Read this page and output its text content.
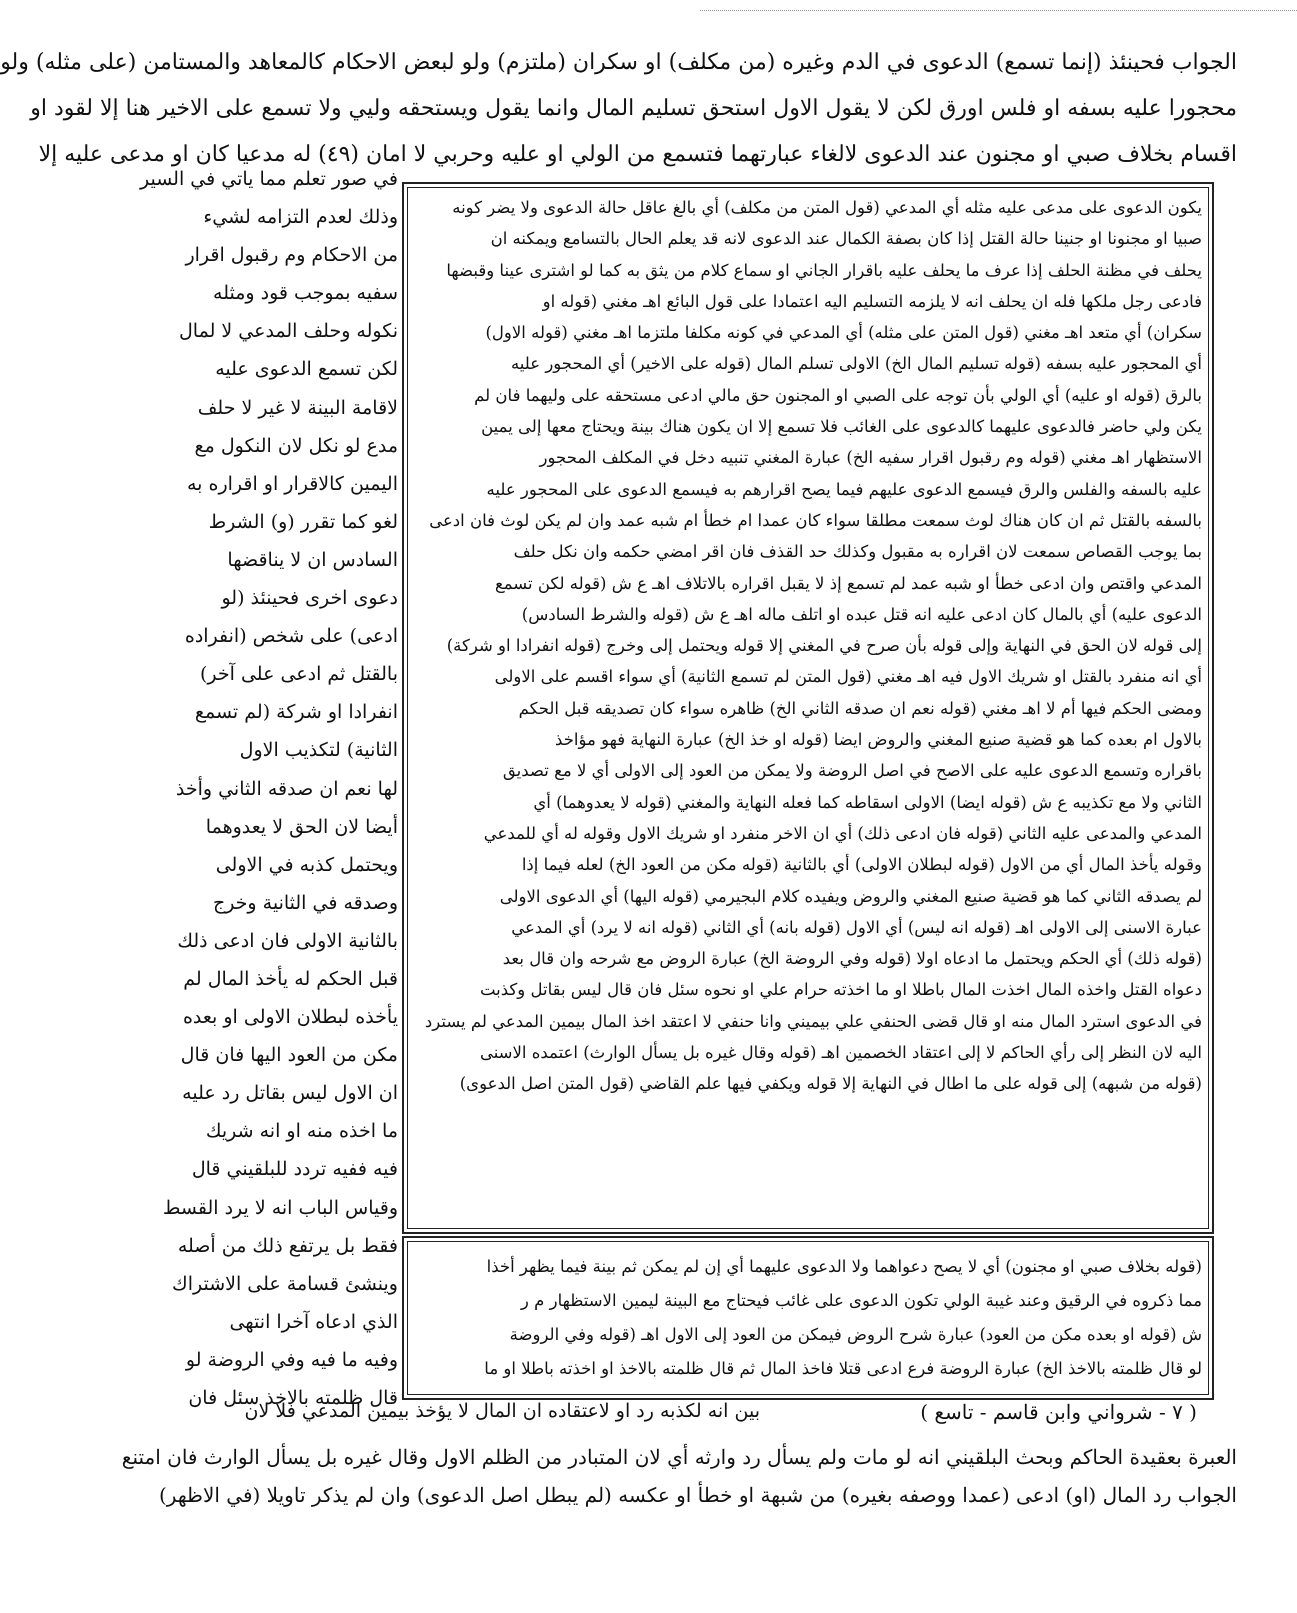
الجواب فحينئذ (إنما تسمع) الدعوى في الدم وغيره (من مكلف) او سكران (ملتزم) ولو لبعض الاحكام كالمعاهد والمستامن (على مثله) ولو
محجورا عليه بسفه او فلس اورق لكن لا يقول الاول استحق تسليم المال وانما يقول ويستحقه وليي ولا تسمع على الاخير هنا إلا لقود او
اقسام بخلاف صبي او مجنون عند الدعوى لالغاء عبارتهما فتسمع من الولي او عليه وحربي لا امان (٤٩) له مدعيا كان او مدعى عليه إلا
في صور تعلم مما ياتي في السير
وذلك لعدم التزامه لشيء
من الاحكام وم رقبول اقرار
سفيه بموجب قود ومثله
نكوله وحلف المدعي لا لمال
لكن تسمع الدعوى عليه
لاقامة البينة لا غير لا حلف
مدع لو نكل لان النكول مع
اليمين كالاقرار او اقراره به
لغو كما تقرر (و) الشرط
السادس ان لا يناقضها
دعوى اخرى فحينئذ (لو
ادعى) على شخص (انفراده
بالقتل ثم ادعى على آخر)
انفرادا او شركة (لم تسمع
الثانية) لتكذيب الاول
لها نعم ان صدقه الثاني وأخذ
أيضا لان الحق لا يعدوهما
ويحتمل كذبه في الاولى
وصدقه في الثانية وخرج
بالثانية الاولى فان ادعى ذلك
قبل الحكم له يأخذ المال لم
يأخذه لبطلان الاولى او بعده
مكن من العود اليها فان قال
ان الاول ليس بقاتل رد عليه
ما اخذه منه او انه شريك
فيه ففيه تردد للبلقيني قال
وقياس الباب انه لا يرد القسط
فقط بل يرتفع ذلك من أصله
وينشئ قسامة على الاشتراك
الذي ادعاه آخرا انتهى
وفيه ما فيه وفي الروضة لو
قال ظلمته بالاخذ سئل فان
يكون الدعوى على مدعى عليه مثله أي المدعي (قول المتن من مكلف) أي بالغ عاقل حالة الدعوى ولا يضر كونه
صبيا او مجنونا او جنينا حالة القتل إذا كان بصفة الكمال عند الدعوى لانه قد يعلم الحال بالتسامع ويمكنه ان
يحلف في مظنة الحلف إذا عرف ما يحلف عليه باقرار الجاني او سماع كلام من يثق به كما لو اشترى عينا وقبضها
فادعى رجل ملكها فله ان يحلف انه لا يلزمه التسليم اليه اعتمادا على قول البائع اهـ مغني (قوله او
سكران) أي متعد اهـ مغني (قول المتن على مثله) أي المدعي في كونه مكلفا ملتزما اهـ مغني (قوله الاول)
أي المحجور عليه بسفه (قوله تسليم المال الخ) الاولى تسلم المال (قوله على الاخير) أي المحجور عليه
بالرق (قوله او عليه) أي الولي بأن توجه على الصبي او المجنون حق مالي ادعى مستحقه على وليهما فان لم
يكن ولي حاضر فالدعوى عليهما كالدعوى على الغائب فلا تسمع إلا ان يكون هناك بينة ويحتاج معها إلى يمين
الاستظهار اهـ مغني (قوله وم رقبول اقرار سفيه الخ) عبارة المغني تنبيه دخل في المكلف المحجور
عليه بالسفه والفلس والرق فيسمع الدعوى عليهم فيما يصح اقرارهم به فيسمع الدعوى على المحجور عليه
بالسفه بالقتل ثم ان كان هناك لوث سمعت مطلقا سواء كان عمدا ام خطأ ام شبه عمد وان لم يكن لوث فان ادعى
بما يوجب القصاص سمعت لان اقراره به مقبول وكذلك حد القذف فان اقر امضي حكمه وان نكل حلف
المدعي واقتص وان ادعى خطأ او شبه عمد لم تسمع إذ لا يقبل اقراره بالاتلاف اهـ ع ش (قوله لكن تسمع
الدعوى عليه) أي بالمال كان ادعى عليه انه قتل عبده او اتلف ماله اهـ ع ش (قوله والشرط السادس)
إلى قوله لان الحق في النهاية وإلى قوله بأن صرح في المغني إلا قوله ويحتمل إلى وخرج (قوله انفرادا او شركة)
أي انه منفرد بالقتل او شريك الاول فيه اهـ مغني (قول المتن لم تسمع الثانية) أي سواء اقسم على الاولى
ومضى الحكم فيها أم لا اهـ مغني (قوله نعم ان صدقه الثاني الخ) ظاهره سواء كان تصديقه قبل الحكم
بالاول ام بعده كما هو قضية صنيع المغني والروض ايضا (قوله او خذ الخ) عبارة النهاية فهو مؤاخذ
باقراره وتسمع الدعوى عليه على الاصح في اصل الروضة ولا يمكن من العود إلى الاولى أي لا مع تصديق
الثاني ولا مع تكذيبه ع ش (قوله ايضا) الاولى اسقاطه كما فعله النهاية والمغني (قوله لا يعدوهما) أي
المدعي والمدعى عليه الثاني (قوله فان ادعى ذلك) أي ان الاخر منفرد او شريك الاول وقوله له أي للمدعي
وقوله يأخذ المال أي من الاول (قوله لبطلان الاولى) أي بالثانية (قوله مكن من العود الخ) لعله فيما إذا
لم يصدقه الثاني كما هو قضية صنيع المغني والروض ويفيده كلام البجيرمي (قوله اليها) أي الدعوى الاولى
عبارة الاسنى إلى الاولى اهـ (قوله انه ليس) أي الاول (قوله بانه) أي الثاني (قوله انه لا يرد) أي المدعي
(قوله ذلك) أي الحكم ويحتمل ما ادعاه اولا (قوله وفي الروضة الخ) عبارة الروض مع شرحه وان قال بعد
دعواه القتل واخذه المال اخذت المال باطلا او ما اخذته حرام علي او نحوه سئل فان قال ليس بقاتل وكذبت
في الدعوى استرد المال منه او قال قضى الحنفي علي بيميني وانا حنفي لا اعتقد اخذ المال بيمين المدعي لم يسترد
اليه لان النظر إلى رأي الحاكم لا إلى اعتقاد الخصمين اهـ (قوله وقال غيره بل يسأل الوارث) اعتمده الاسنى
(قوله من شبهه) إلى قوله على ما اطال في النهاية إلا قوله ويكفي فيها علم القاضي (قول المتن اصل الدعوى)
(قوله بخلاف صبي او مجنون) أي لا يصح دعواهما ولا الدعوى عليهما أي إن لم يمكن ثم بينة فيما يظهر أخذا
مما ذكروه في الرقيق وعند غيبة الولي تكون الدعوى على غائب فيحتاج مع البينة ليمين الاستظهار م ر
ش (قوله او بعده مكن من العود) عبارة شرح الروض فيمكن من العود إلى الاول اهـ (قوله وفي الروضة
لو قال ظلمته بالاخذ الخ) عبارة الروضة فرع ادعى قتلا فاخذ المال ثم قال ظلمته بالاخذ او اخذته باطلا او ما
( ٧ - شرواني وابن قاسم - تاسع )
بين انه لكذبه رد او لاعتقاده ان المال لا يؤخذ بيمين المدعي فلا لان
العبرة بعقيدة الحاكم وبحث البلقيني انه لو مات ولم يسأل رد وارثه أي لان المتبادر من الظلم الاول وقال غيره بل يسأل الوارث فان امتنع
الجواب رد المال (او) ادعى (عمدا ووصفه بغيره) من شبهة او خطأ او عكسه (لم يبطل اصل الدعوى) وان لم يذكر تاويلا (في الاظهر)
